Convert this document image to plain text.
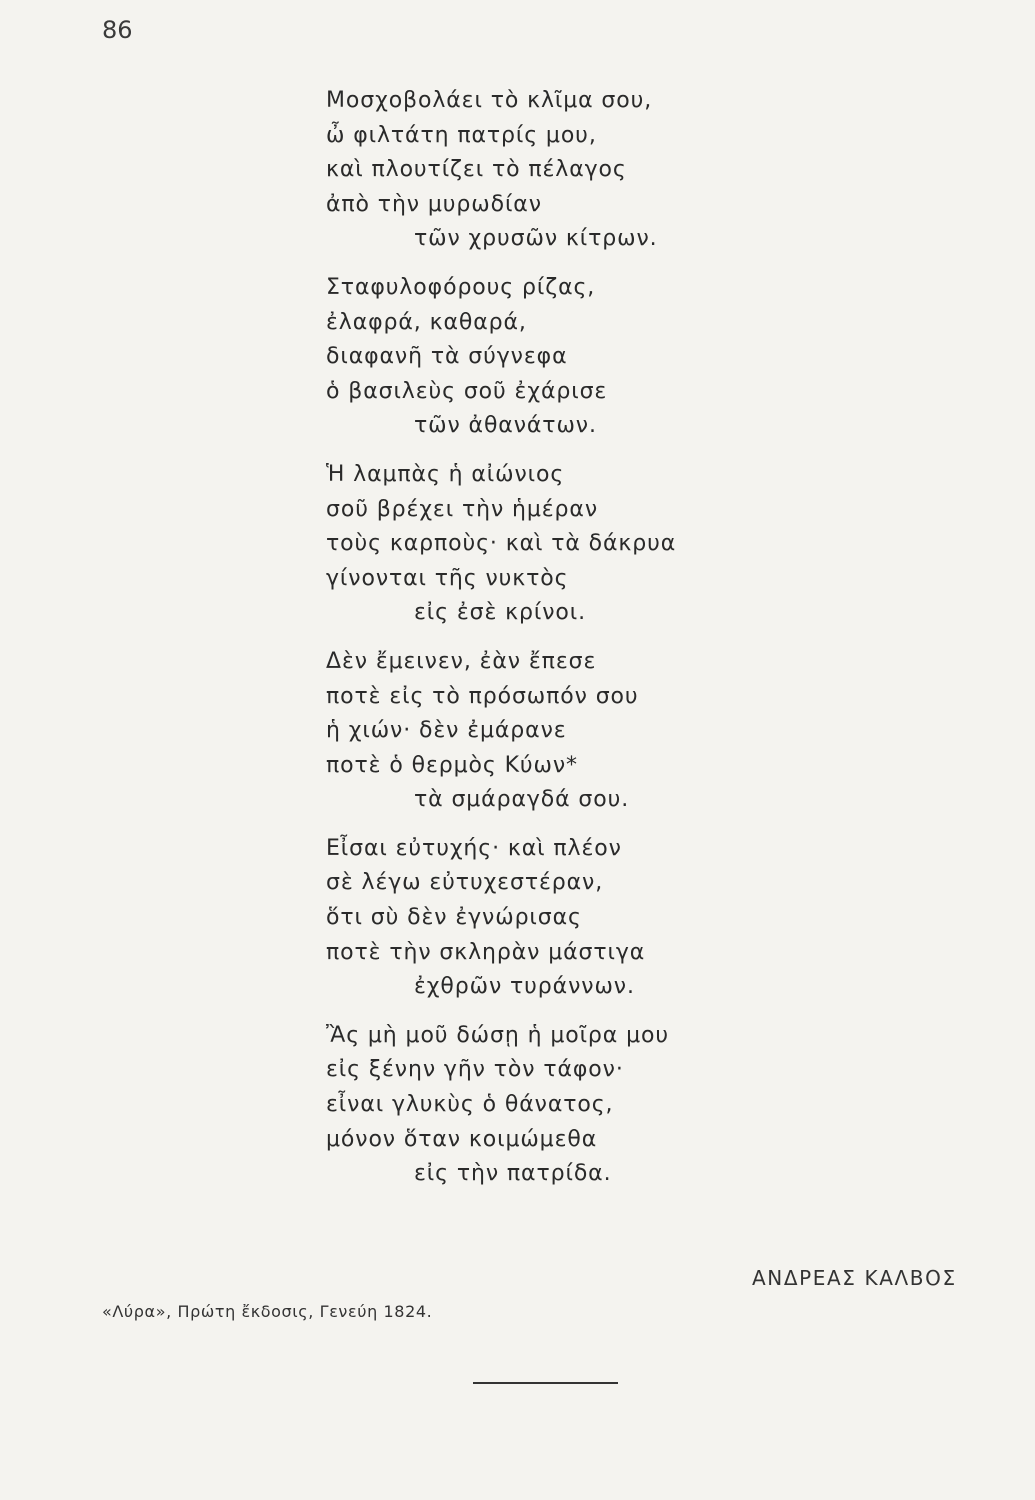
86
Μοσχοβολάει τὸ κλῖμα σου,
ὦ φιλτάτη πατρίς μου,
καὶ πλουτίζει τὸ πέλαγος
ἀπὸ τὴν μυρωδίαν
τῶν χρυσῶν κίτρων.
Σταφυλοφόρους ρίζας,
ἐλαφρά, καθαρά,
διαφανῆ τὰ σύγνεφα
ὁ βασιλεὺς σοῦ ἐχάρισε
τῶν ἀθανάτων.
Ἡ λαμπὰς ἡ αἰώνιος
σοῦ βρέχει τὴν ἡμέραν
τοὺς καρποὺς· καὶ τὰ δάκρυα
γίνονται τῆς νυκτὸς
εἰς ἐσὲ κρίνοι.
Δὲν ἔμεινεν, ἐὰν ἔπεσε
ποτὲ εἰς τὸ πρόσωπόν σου
ἡ χιών· δὲν ἐμάρανε
ποτὲ ὁ θερμὸς Κύων*
τὰ σμάραγδά σου.
Εἶσαι εὐτυχής· καὶ πλέον
σὲ λέγω εὐτυχεστέραν,
ὅτι σὺ δὲν ἐγνώρισας
ποτὲ τὴν σκληρὰν μάστιγα
ἐχθρῶν τυράννων.
Ἂς μὴ μοῦ δώσῃ ἡ μοῖρα μου
εἰς ξένην γῆν τὸν τάφον·
εἶναι γλυκὺς ὁ θάνατος,
μόνον ὅταν κοιμώμεθα
εἰς τὴν πατρίδα.
ΑΝΔΡΕΑΣ ΚΑΛΒΟΣ
«Λύρα», Πρώτη ἔκδοσις, Γενεύη 1824.
